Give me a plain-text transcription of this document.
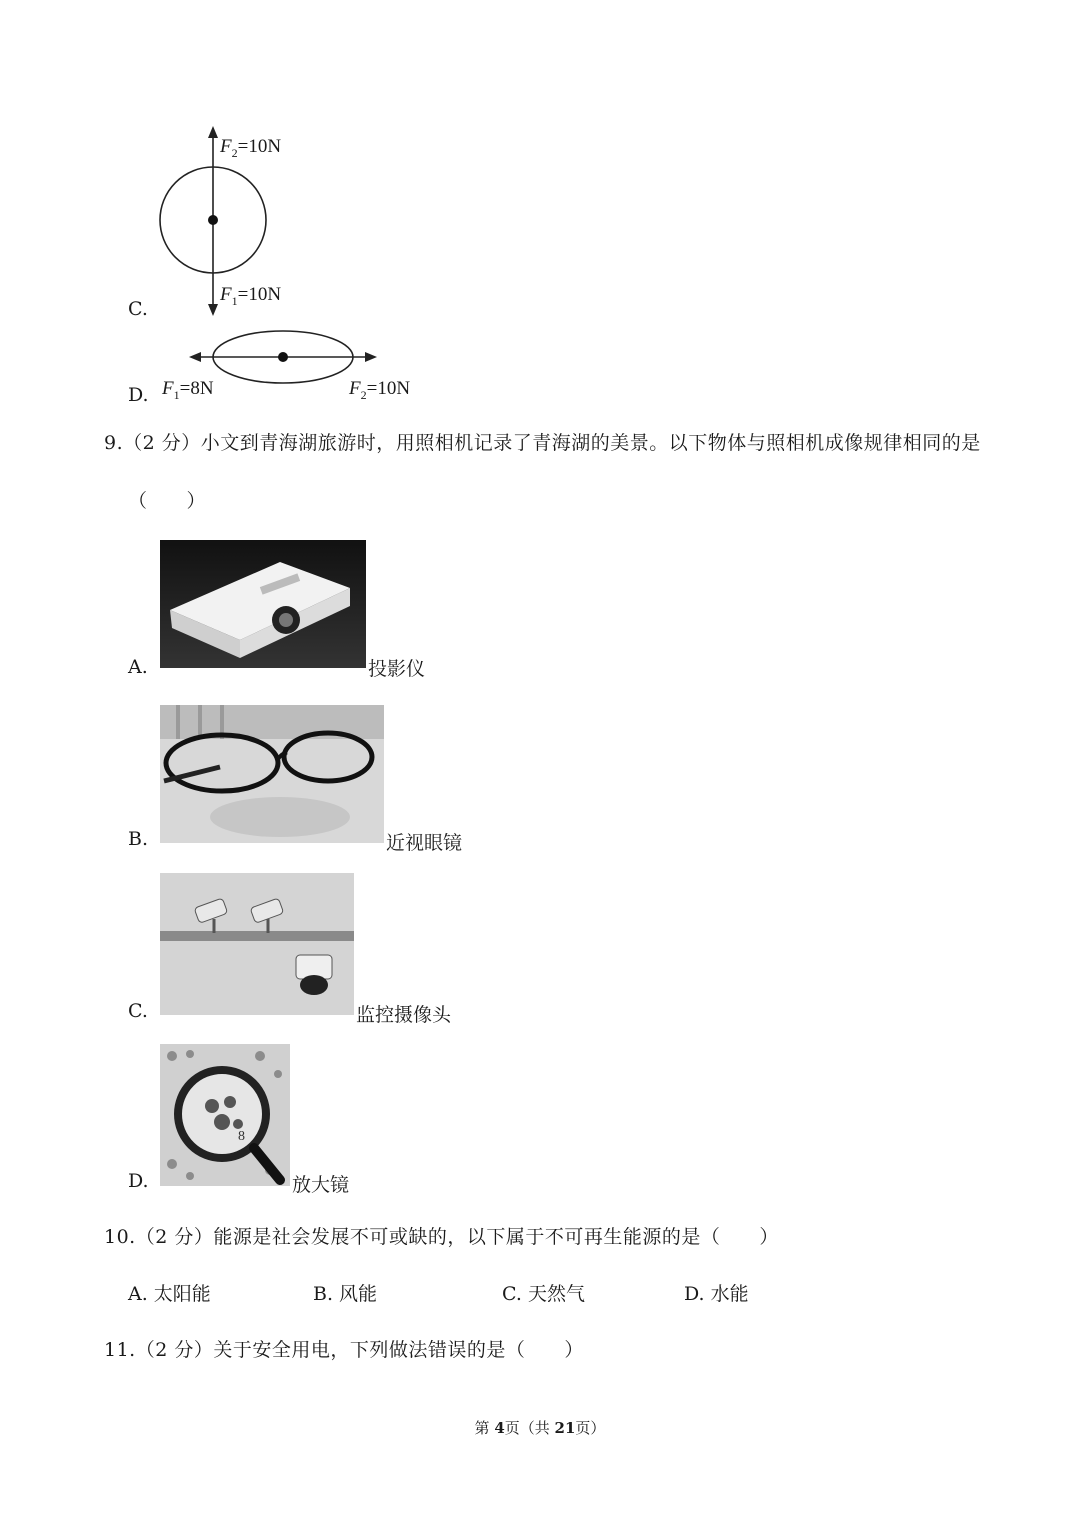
$F_2=10N$
$F_1=10N$
C.
$F_1=8N$	$F_2=10N$
D.
9.（2 分）小文到青海湖旅游时，用照相机记录了青海湖的美景。以下物体与照相机成像规律相同的是
（　　）
A.	投影仪
B.	近视眼镜
C.	监控摄像头
8
D.	放大镜
10.（2 分）能源是社会发展不可或缺的，以下属于不可再生能源的是（　　）
A. 太阳能	B. 风能	C. 天然气	D. 水能
11.（2 分）关于安全用电，下列做法错误的是（　　）
第 4页（共 21页）
